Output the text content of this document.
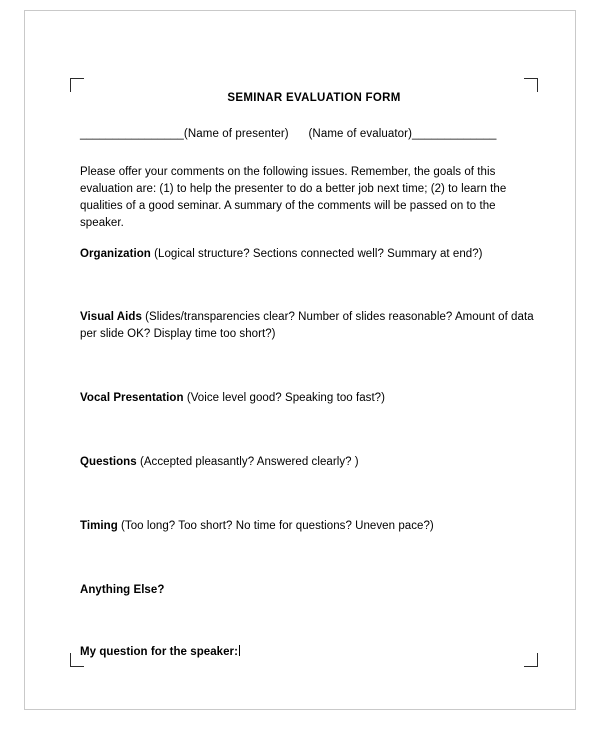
SEMINAR EVALUATION FORM
________________(Name of presenter)      (Name of evaluator)_____________

Please offer your comments on the following issues. Remember, the goals of this evaluation are: (1) to help the presenter to do a better job next time; (2) to learn the qualities of a good seminar. A summary of the comments will be passed on to the speaker.

Organization (Logical structure? Sections connected well? Summary at end?)
Visual Aids (Slides/transparencies clear? Number of slides reasonable? Amount of data per slide OK? Display time too short?)
Vocal Presentation (Voice level good? Speaking too fast?)
Questions (Accepted pleasantly? Answered clearly? )
Timing (Too long? Too short? No time for questions? Uneven pace?)
Anything Else?
My question for the speaker:
